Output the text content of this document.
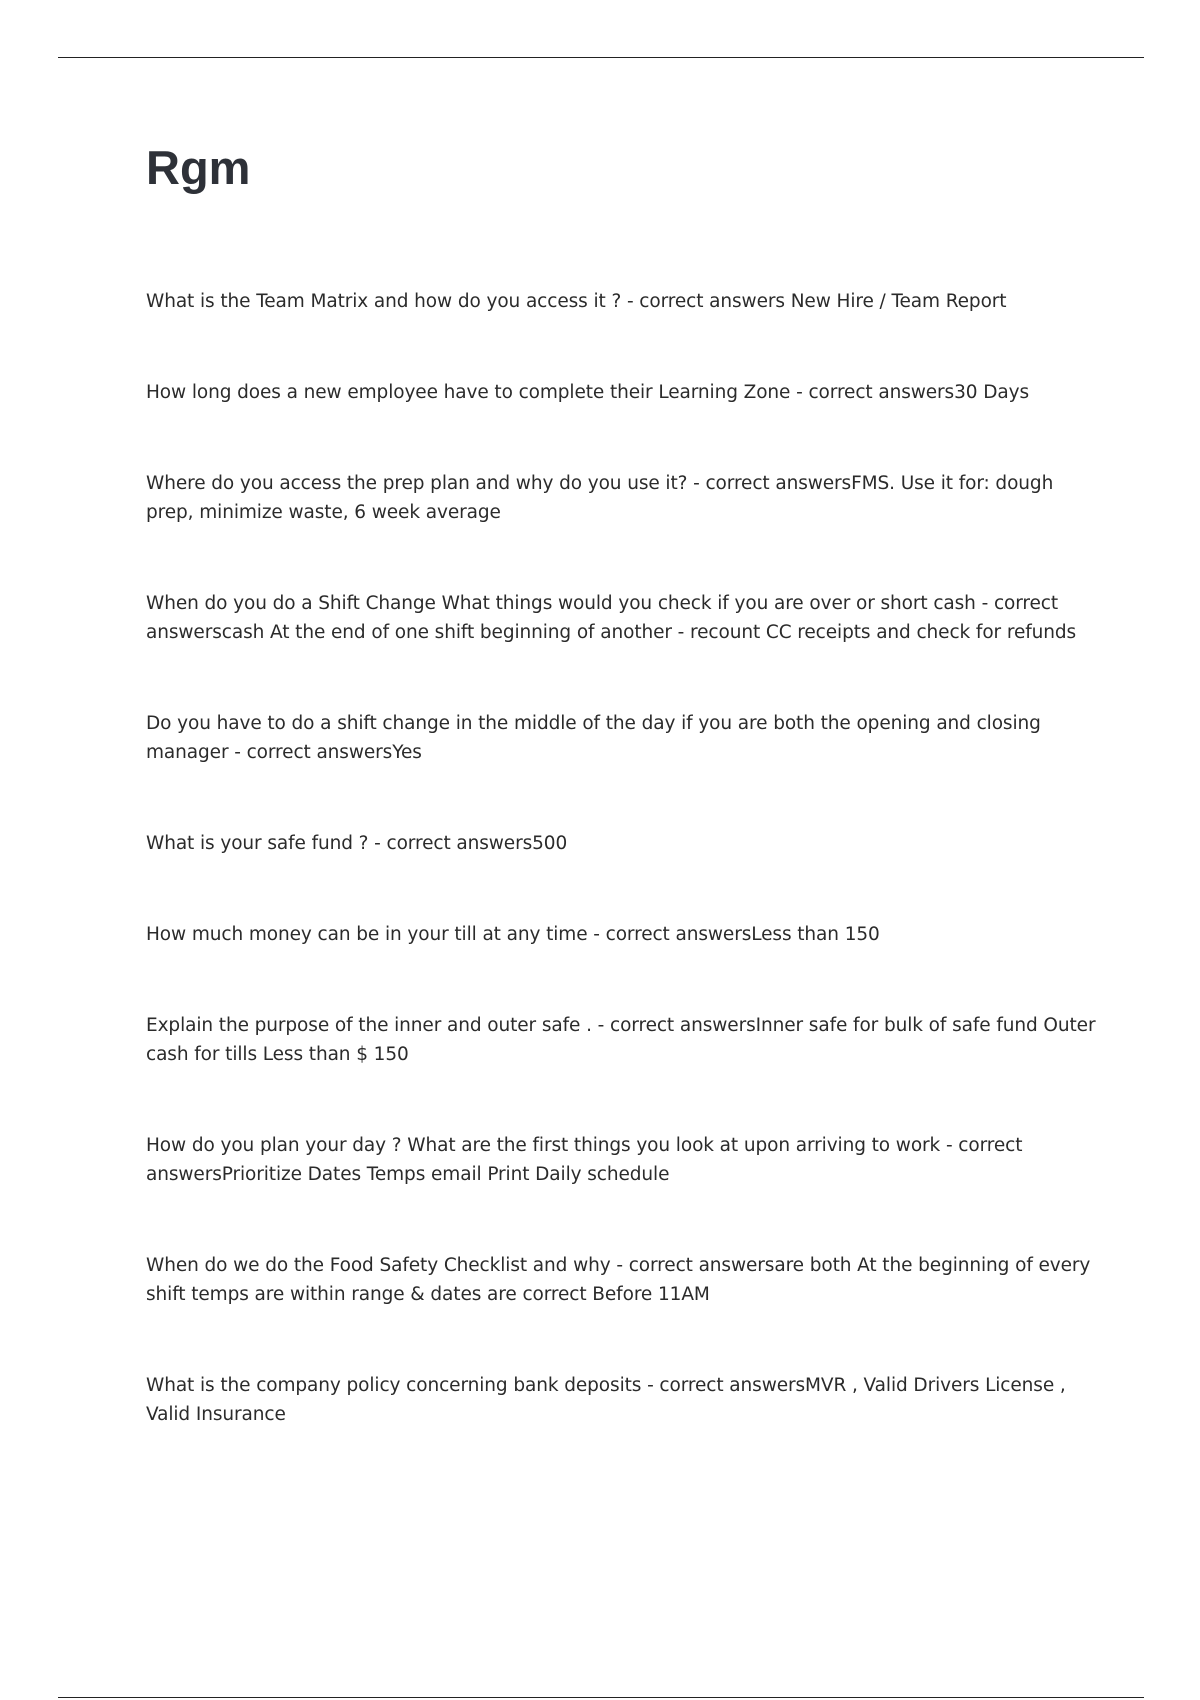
Rgm

What is the Team Matrix and how do you access it ? - correct answers New Hire / Team Report

How long does a new employee have to complete their Learning Zone - correct answers30 Days

Where do you access the prep plan and why do you use it? - correct answersFMS. Use it for: dough prep, minimize waste, 6 week average

When do you do a Shift Change What things would you check if you are over or short cash - correct answerscash At the end of one shift beginning of another - recount CC receipts and check for refunds

Do you have to do a shift change in the middle of the day if you are both the opening and closing manager - correct answersYes

What is your safe fund ? - correct answers500

How much money can be in your till at any time - correct answersLess than 150

Explain the purpose of the inner and outer safe . - correct answersInner safe for bulk of safe fund Outer cash for tills Less than $ 150

How do you plan your day ? What are the first things you look at upon arriving to work - correct answersPrioritize Dates Temps email Print Daily schedule

When do we do the Food Safety Checklist and why - correct answersare both At the beginning of every shift temps are within range & dates are correct Before 11AM

What is the company policy concerning bank deposits - correct answersMVR , Valid Drivers License , Valid Insurance
